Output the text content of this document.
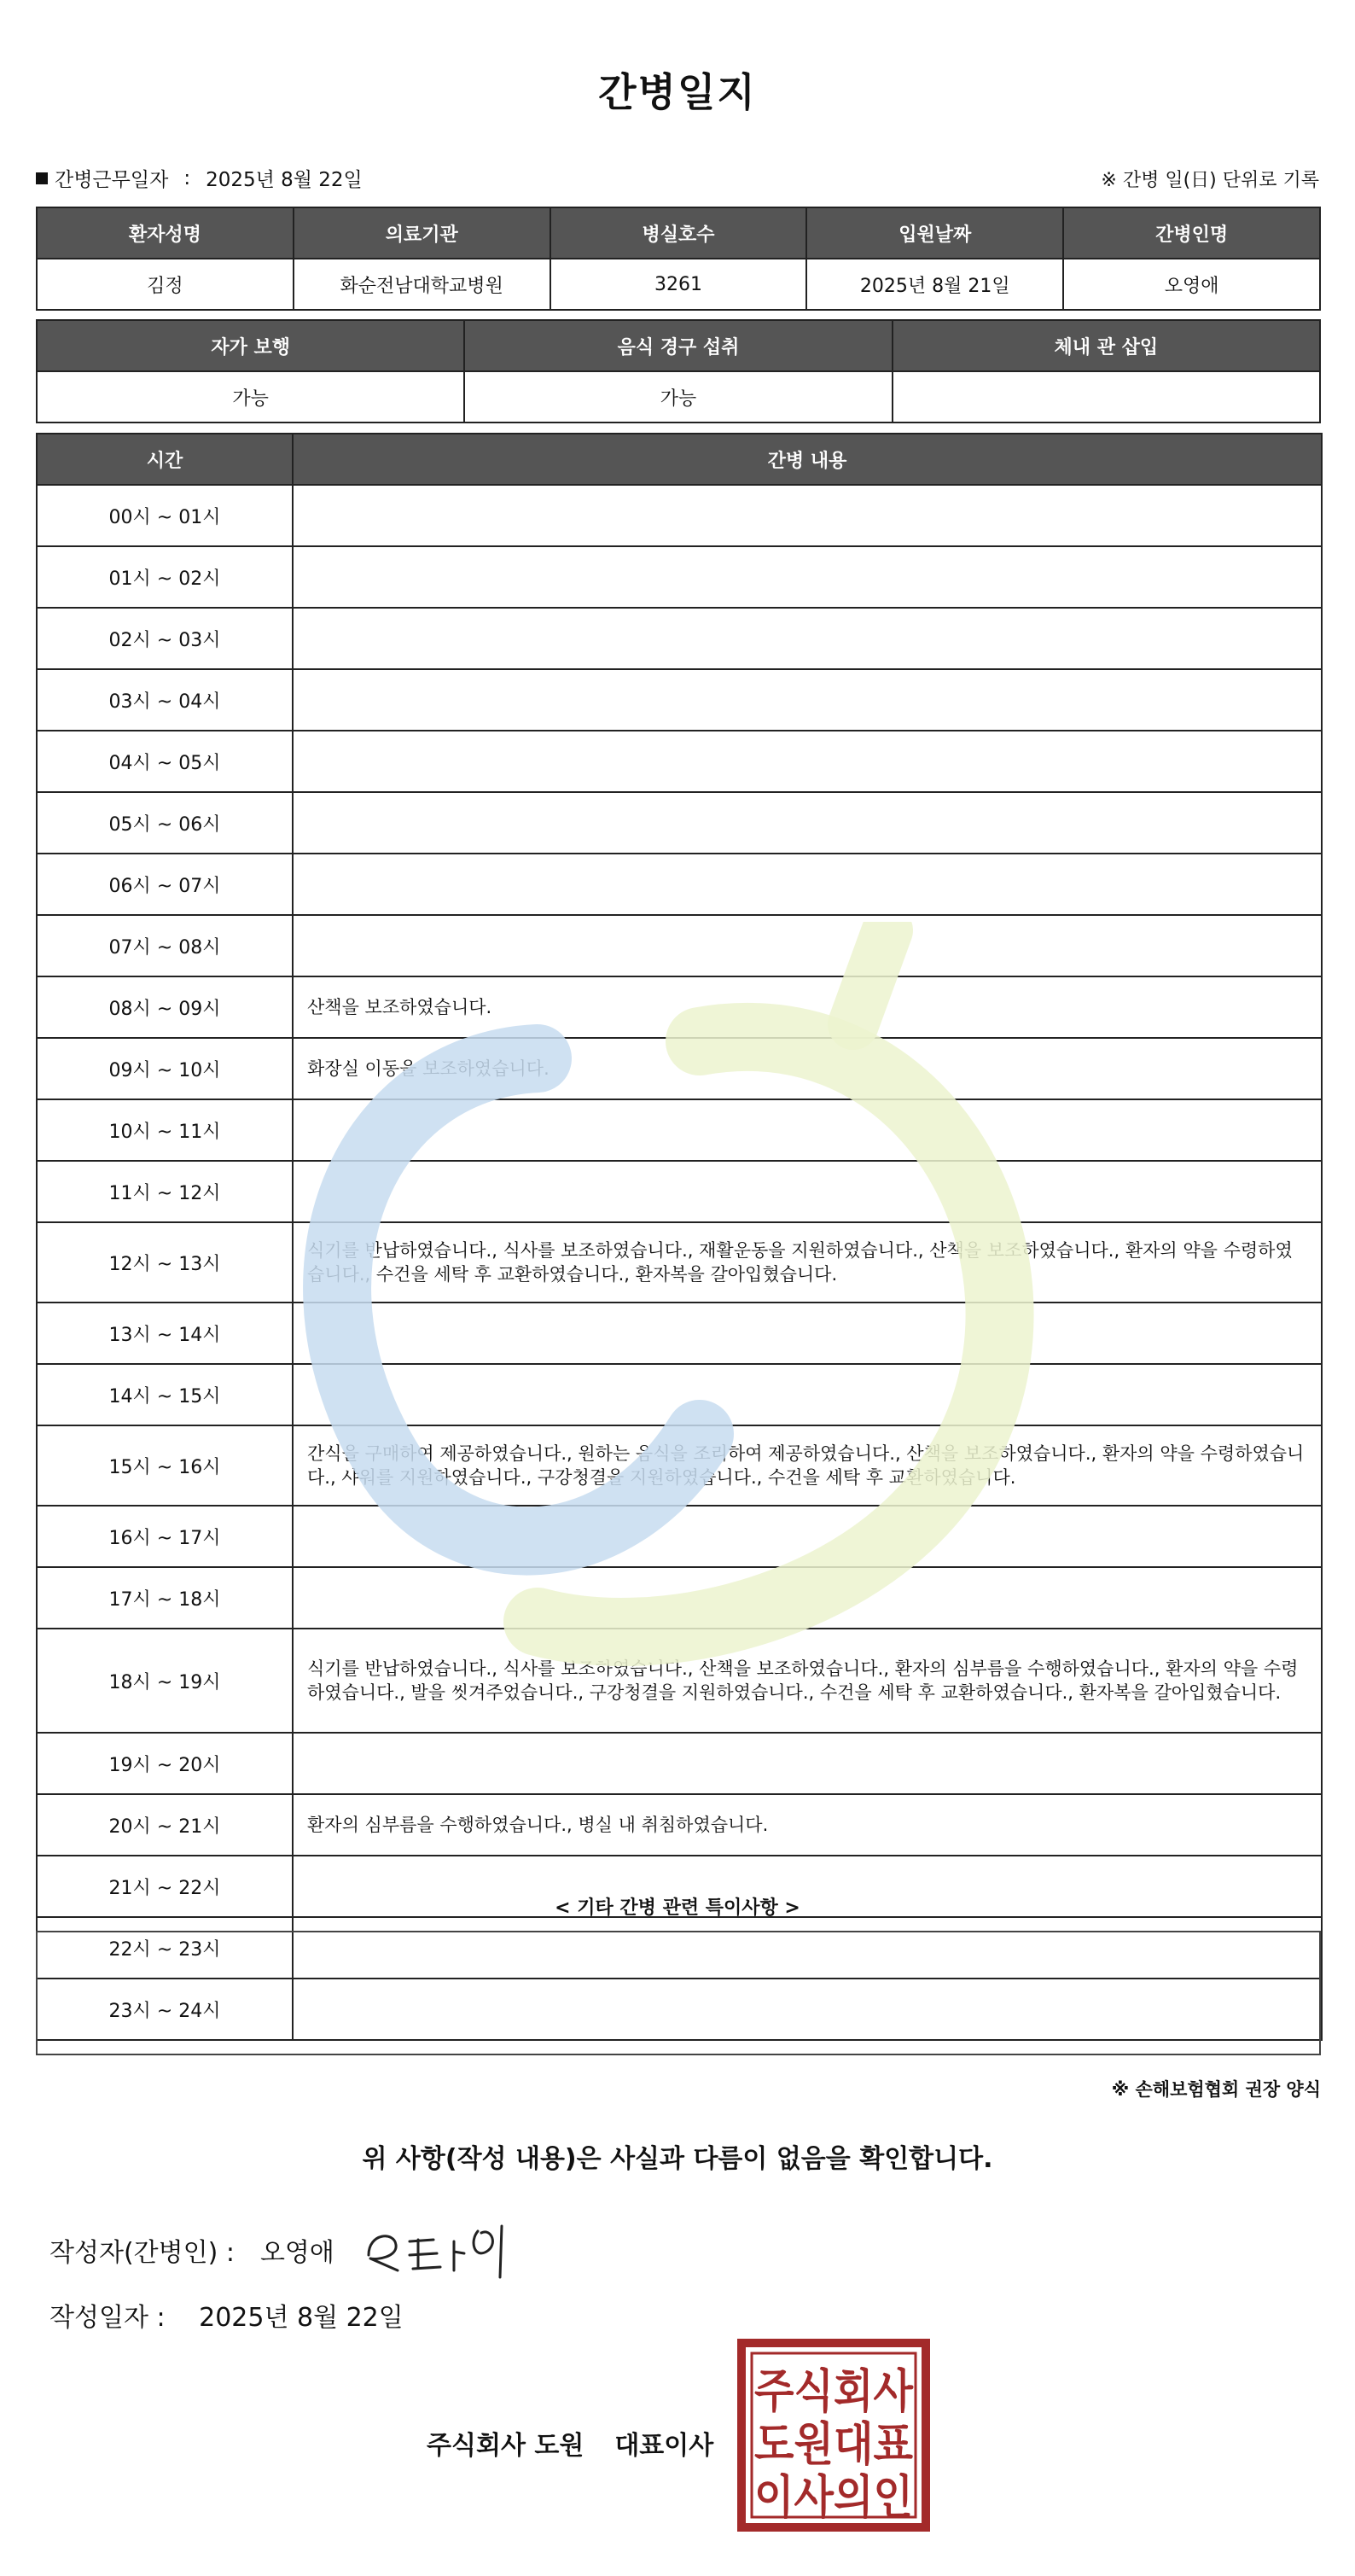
간병일지
간병근무일자 : 2025년 8월 22일	※ 간병 일(日) 단위로 기록
환자성명	의료기관	병실호수	입원날짜	간병인명
김정	화순전남대학교병원	3261	2025년 8월 21일	오영애
자가 보행	음식 경구 섭취	체내 관 삽입
가능	가능	
시간	간병 내용
00시 ~ 01시	
01시 ~ 02시	
02시 ~ 03시	
03시 ~ 04시	
04시 ~ 05시	
05시 ~ 06시	
06시 ~ 07시	
07시 ~ 08시	
08시 ~ 09시	산책을 보조하였습니다.
09시 ~ 10시	화장실 이동을 보조하였습니다.
10시 ~ 11시	
11시 ~ 12시	
12시 ~ 13시	식기를 반납하였습니다., 식사를 보조하였습니다., 재활운동을 지원하였습니다., 산책을 보조하였습니다., 환자의 약을 수령하였습니다., 수건을 세탁 후 교환하였습니다., 환자복을 갈아입혔습니다.
13시 ~ 14시	
14시 ~ 15시	
15시 ~ 16시	간식을 구매하여 제공하였습니다., 원하는 음식을 조리하여 제공하였습니다., 산책을 보조하였습니다., 환자의 약을 수령하였습니다., 샤워를 지원하였습니다., 구강청결을 지원하였습니다., 수건을 세탁 후 교환하였습니다.
16시 ~ 17시	
17시 ~ 18시	
18시 ~ 19시	식기를 반납하였습니다., 식사를 보조하였습니다., 산책을 보조하였습니다., 환자의 심부름을 수행하였습니다., 환자의 약을 수령하였습니다., 발을 씻겨주었습니다., 구강청결을 지원하였습니다., 수건을 세탁 후 교환하였습니다., 환자복을 갈아입혔습니다.
19시 ~ 20시	
20시 ~ 21시	환자의 심부름을 수행하였습니다., 병실 내 취침하였습니다.
21시 ~ 22시	
22시 ~ 23시	
23시 ~ 24시	
< 기타 간병 관련 특이사항 >
※ 손해보험협회 권장 양식
위 사항(작성 내용)은 사실과 다름이 없음을 확인합니다.
작성자(간병인) : 오영애
작성일자 : 2025년 8월 22일
주식회사 도원 대표이사
주식회사
도원대표
이사의인
